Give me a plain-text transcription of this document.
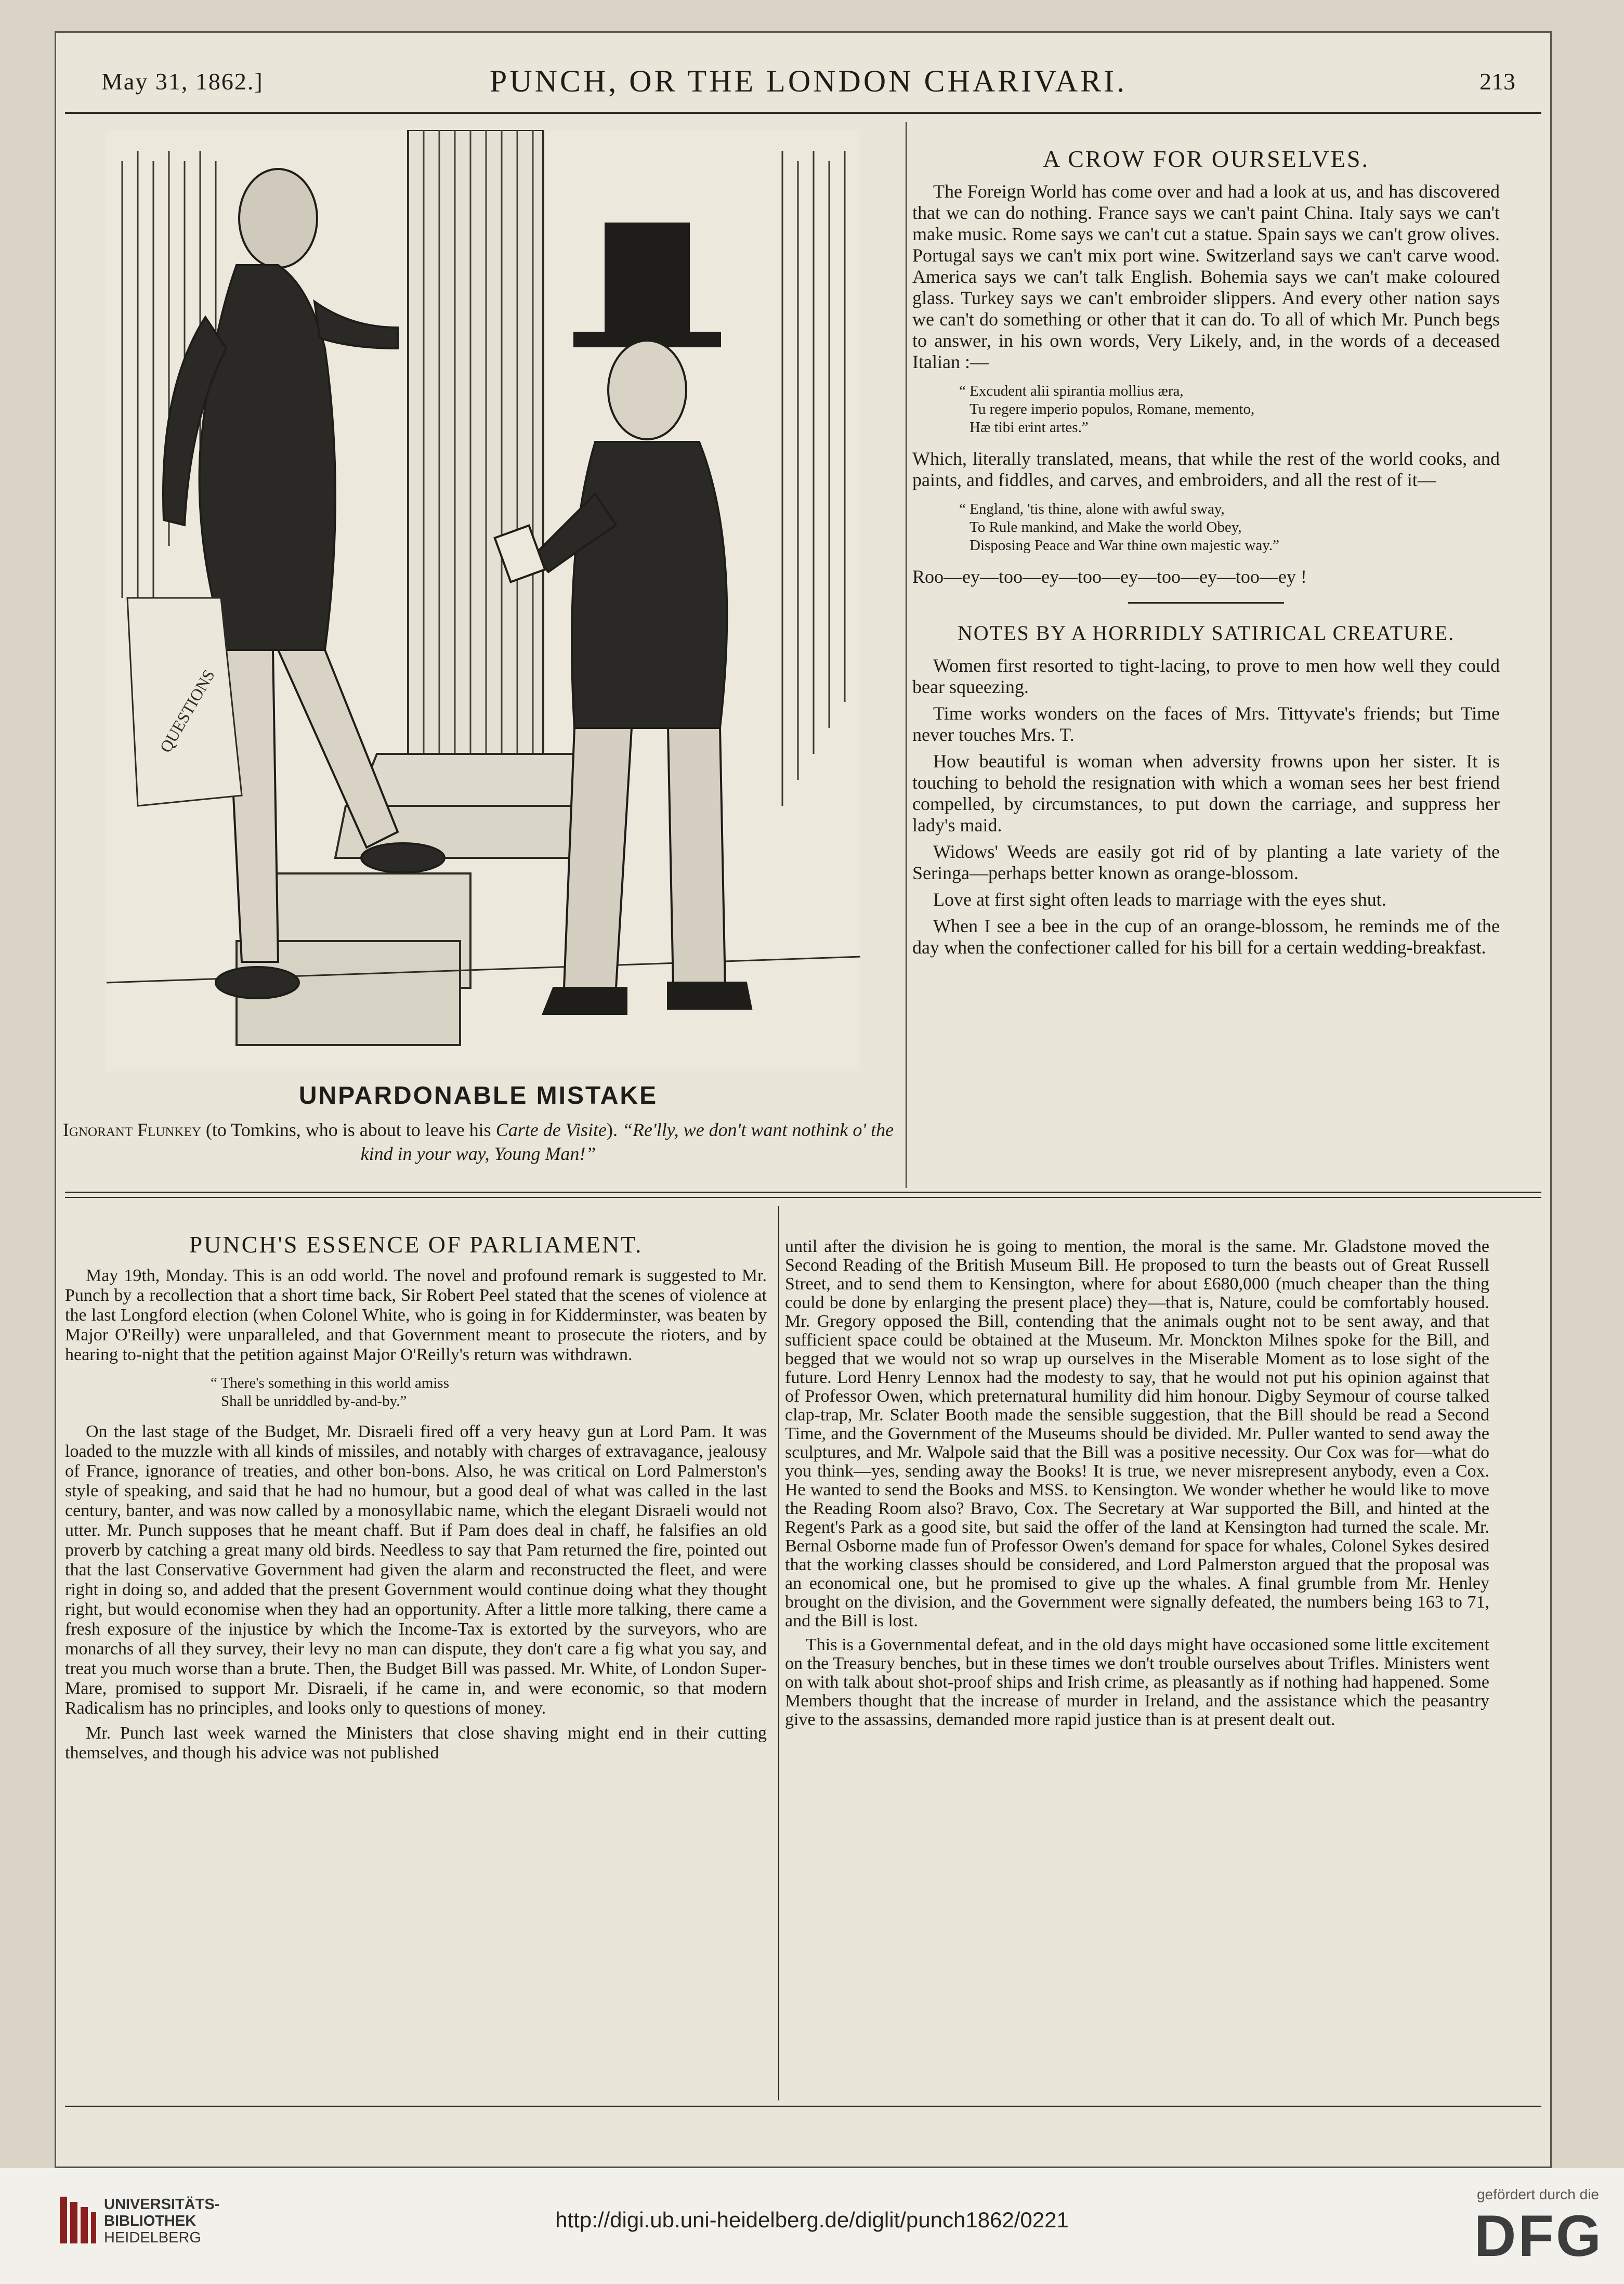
May 31, 1862.]	PUNCH, OR THE LONDON CHARIVARI.	213
QUESTIONS
UNPARDONABLE MISTAKE
Ignorant Flunkey (to Tomkins, who is about to leave his Carte de Visite). “Re'lly, we don't want nothink o' the kind in your way, Young Man!”
A CROW FOR OURSELVES.

The Foreign World has come over and had a look at us, and has discovered that we can do nothing. France says we can't paint China. Italy says we can't make music. Rome says we can't cut a statue. Spain says we can't grow olives. Portugal says we can't mix port wine. Switzerland says we can't carve wood. America says we can't talk English. Bohemia says we can't make coloured glass. Turkey says we can't embroider slippers. And every other nation says we can't do something or other that it can do. To all of which Mr. Punch begs to answer, in his own words, Very Likely, and, in the words of a deceased Italian :—

“ Excudent alii spirantia mollius æra,
Tu regere imperio populos, Romane, memento,
Hæ tibi erint artes.”

Which, literally translated, means, that while the rest of the world cooks, and paints, and fiddles, and carves, and embroiders, and all the rest of it—

“ England, 'tis thine, alone with awful sway,
To Rule mankind, and Make the world Obey,
Disposing Peace and War thine own majestic way.”

Roo—ey—too—ey—too—ey—too—ey—too—ey !

NOTES BY A HORRIDLY SATIRICAL CREATURE.

Women first resorted to tight-lacing, to prove to men how well they could bear squeezing.

Time works wonders on the faces of Mrs. Tittyvate's friends; but Time never touches Mrs. T.

How beautiful is woman when adversity frowns upon her sister. It is touching to behold the resignation with which a woman sees her best friend compelled, by circumstances, to put down the carriage, and suppress her lady's maid.

Widows' Weeds are easily got rid of by planting a late variety of the Seringa—perhaps better known as orange-blossom.

Love at first sight often leads to marriage with the eyes shut.

When I see a bee in the cup of an orange-blossom, he reminds me of the day when the confectioner called for his bill for a certain wedding-breakfast.

PUNCH'S ESSENCE OF PARLIAMENT.

May 19th, Monday. This is an odd world. The novel and profound remark is suggested to Mr. Punch by a recollection that a short time back, Sir Robert Peel stated that the scenes of violence at the last Longford election (when Colonel White, who is going in for Kidderminster, was beaten by Major O'Reilly) were unparalleled, and that Government meant to prosecute the rioters, and by hearing to-night that the petition against Major O'Reilly's return was withdrawn.

“ There's something in this world amiss
Shall be unriddled by-and-by.”

On the last stage of the Budget, Mr. Disraeli fired off a very heavy gun at Lord Pam. It was loaded to the muzzle with all kinds of missiles, and notably with charges of extravagance, jealousy of France, ignorance of treaties, and other bon-bons. Also, he was critical on Lord Palmerston's style of speaking, and said that he had no humour, but a good deal of what was called in the last century, banter, and was now called by a monosyllabic name, which the elegant Disraeli would not utter. Mr. Punch supposes that he meant chaff. But if Pam does deal in chaff, he falsifies an old proverb by catching a great many old birds. Needless to say that Pam returned the fire, pointed out that the last Conservative Government had given the alarm and reconstructed the fleet, and were right in doing so, and added that the present Government would continue doing what they thought right, but would economise when they had an opportunity. After a little more talking, there came a fresh exposure of the injustice by which the Income-Tax is extorted by the surveyors, who are monarchs of all they survey, their levy no man can dispute, they don't care a fig what you say, and treat you much worse than a brute. Then, the Budget Bill was passed. Mr. White, of London Super-Mare, promised to support Mr. Disraeli, if he came in, and were economic, so that modern Radicalism has no principles, and looks only to questions of money.

Mr. Punch last week warned the Ministers that close shaving might end in their cutting themselves, and though his advice was not published

until after the division he is going to mention, the moral is the same. Mr. Gladstone moved the Second Reading of the British Museum Bill. He proposed to turn the beasts out of Great Russell Street, and to send them to Kensington, where for about £680,000 (much cheaper than the thing could be done by enlarging the present place) they—that is, Nature, could be comfortably housed. Mr. Gregory opposed the Bill, contending that the animals ought not to be sent away, and that sufficient space could be obtained at the Museum. Mr. Monckton Milnes spoke for the Bill, and begged that we would not so wrap up ourselves in the Miserable Moment as to lose sight of the future. Lord Henry Lennox had the modesty to say, that he would not put his opinion against that of Professor Owen, which preternatural humility did him honour. Digby Seymour of course talked clap-trap, Mr. Sclater Booth made the sensible suggestion, that the Bill should be read a Second Time, and the Government of the Museums should be divided. Mr. Puller wanted to send away the sculptures, and Mr. Walpole said that the Bill was a positive necessity. Our Cox was for—what do you think—yes, sending away the Books! It is true, we never misrepresent anybody, even a Cox. He wanted to send the Books and MSS. to Kensington. We wonder whether he would like to move the Reading Room also? Bravo, Cox. The Secretary at War supported the Bill, and hinted at the Regent's Park as a good site, but said the offer of the land at Kensington had turned the scale. Mr. Bernal Osborne made fun of Professor Owen's demand for space for whales, Colonel Sykes desired that the working classes should be considered, and Lord Palmerston argued that the proposal was an economical one, but he promised to give up the whales. A final grumble from Mr. Henley brought on the division, and the Government were signally defeated, the numbers being 163 to 71, and the Bill is lost.

This is a Governmental defeat, and in the old days might have occasioned some little excitement on the Treasury benches, but in these times we don't trouble ourselves about Trifles. Ministers went on with talk about shot-proof ships and Irish crime, as pleasantly as if nothing had happened. Some Members thought that the increase of murder in Ireland, and the assistance which the peasantry give to the assassins, demanded more rapid justice than is at present dealt out.

UNIVERSITÄTS-
BIBLIOTHEK
HEIDELBERG
http://digi.ub.uni-heidelberg.de/diglit/punch1862/0221
gefördert durch die
DFG
